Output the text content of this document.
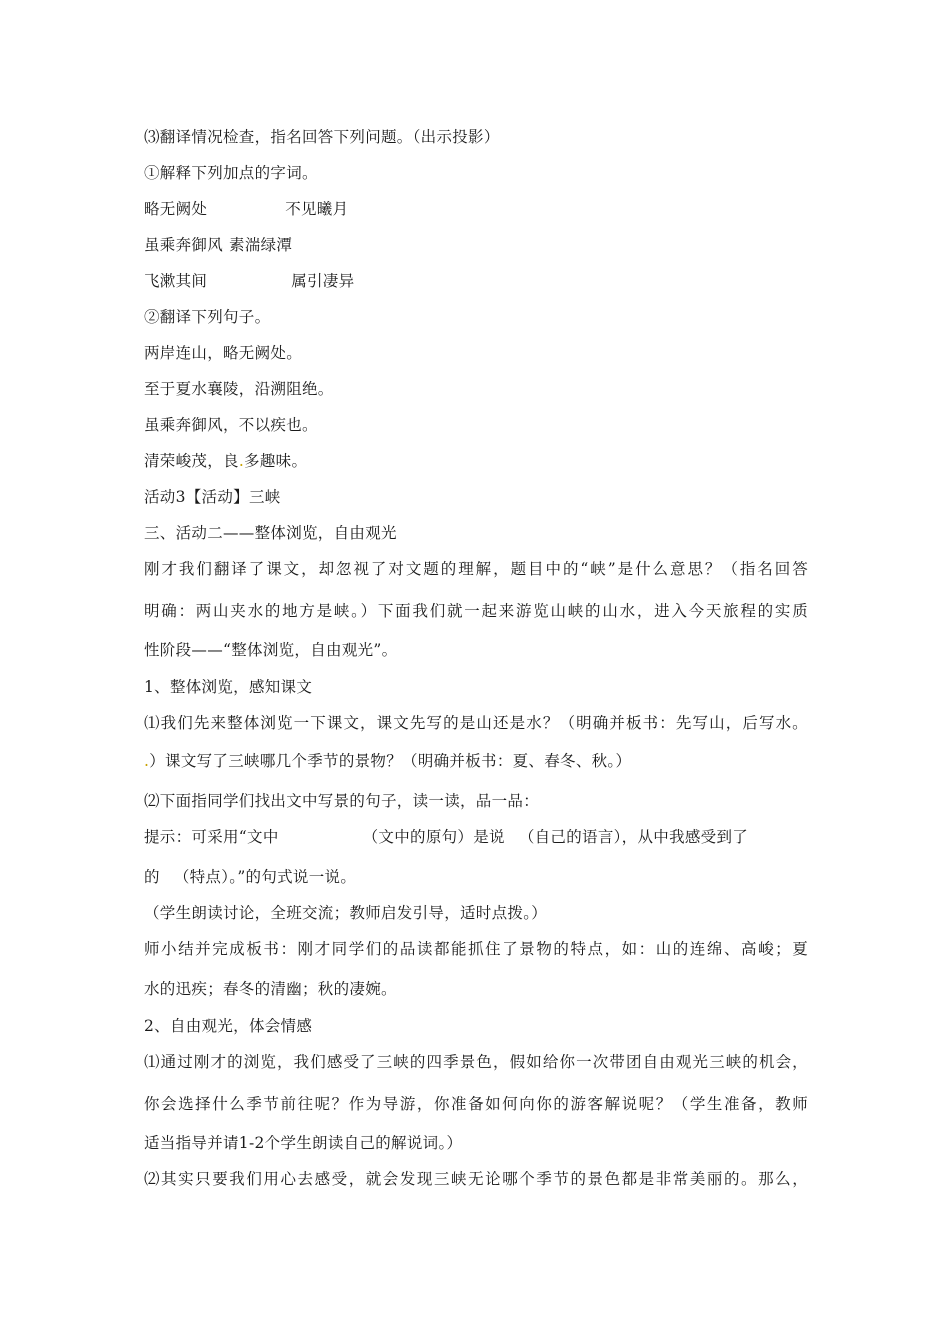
⑶翻译情况检查，指名回答下列问题。（出示投影）
①解释下列加点的字词。
略无阙处	不见曦月
虽乘奔御风 素湍绿潭
飞漱其间	属引凄异
②翻译下列句子。
两岸连山，略无阙处。
至于夏水襄陵，沿溯阻绝。
虽乘奔御风，不以疾也。
清荣峻茂，良.多趣味。
活动3【活动】三峡
三、活动二——整体浏览，自由观光
刚才我们翻译了课文，却忽视了对文题的理解，题目中的“峡”是什么意思？（指名回答
明确：两山夹水的地方是峡。）下面我们就一起来游览山峡的山水，进入今天旅程的实质
性阶段——“整体浏览，自由观光”。
1、整体浏览，感知课文
⑴我们先来整体浏览一下课文，课文先写的是山还是水？（明确并板书：先写山，后写水。
.）课文写了三峡哪几个季节的景物？（明确并板书：夏、春冬、秋。）
⑵下面指同学们找出文中写景的句子，读一读，品一品：
提示：可采用“文中	（文中的原句）是说 （自己的语言），从中我感受到了
的 （特点）。”的句式说一说。
（学生朗读讨论，全班交流；教师启发引导，适时点拨。）
师小结并完成板书：刚才同学们的品读都能抓住了景物的特点，如：山的连绵、高峻；夏
水的迅疾；春冬的清幽；秋的凄婉。
2、自由观光，体会情感
⑴通过刚才的浏览，我们感受了三峡的四季景色，假如给你一次带团自由观光三峡的机会，
你会选择什么季节前往呢？作为导游，你准备如何向你的游客解说呢？（学生准备，教师
适当指导并请1-2个学生朗读自己的解说词。）
⑵其实只要我们用心去感受，就会发现三峡无论哪个季节的景色都是非常美丽的。那么，
